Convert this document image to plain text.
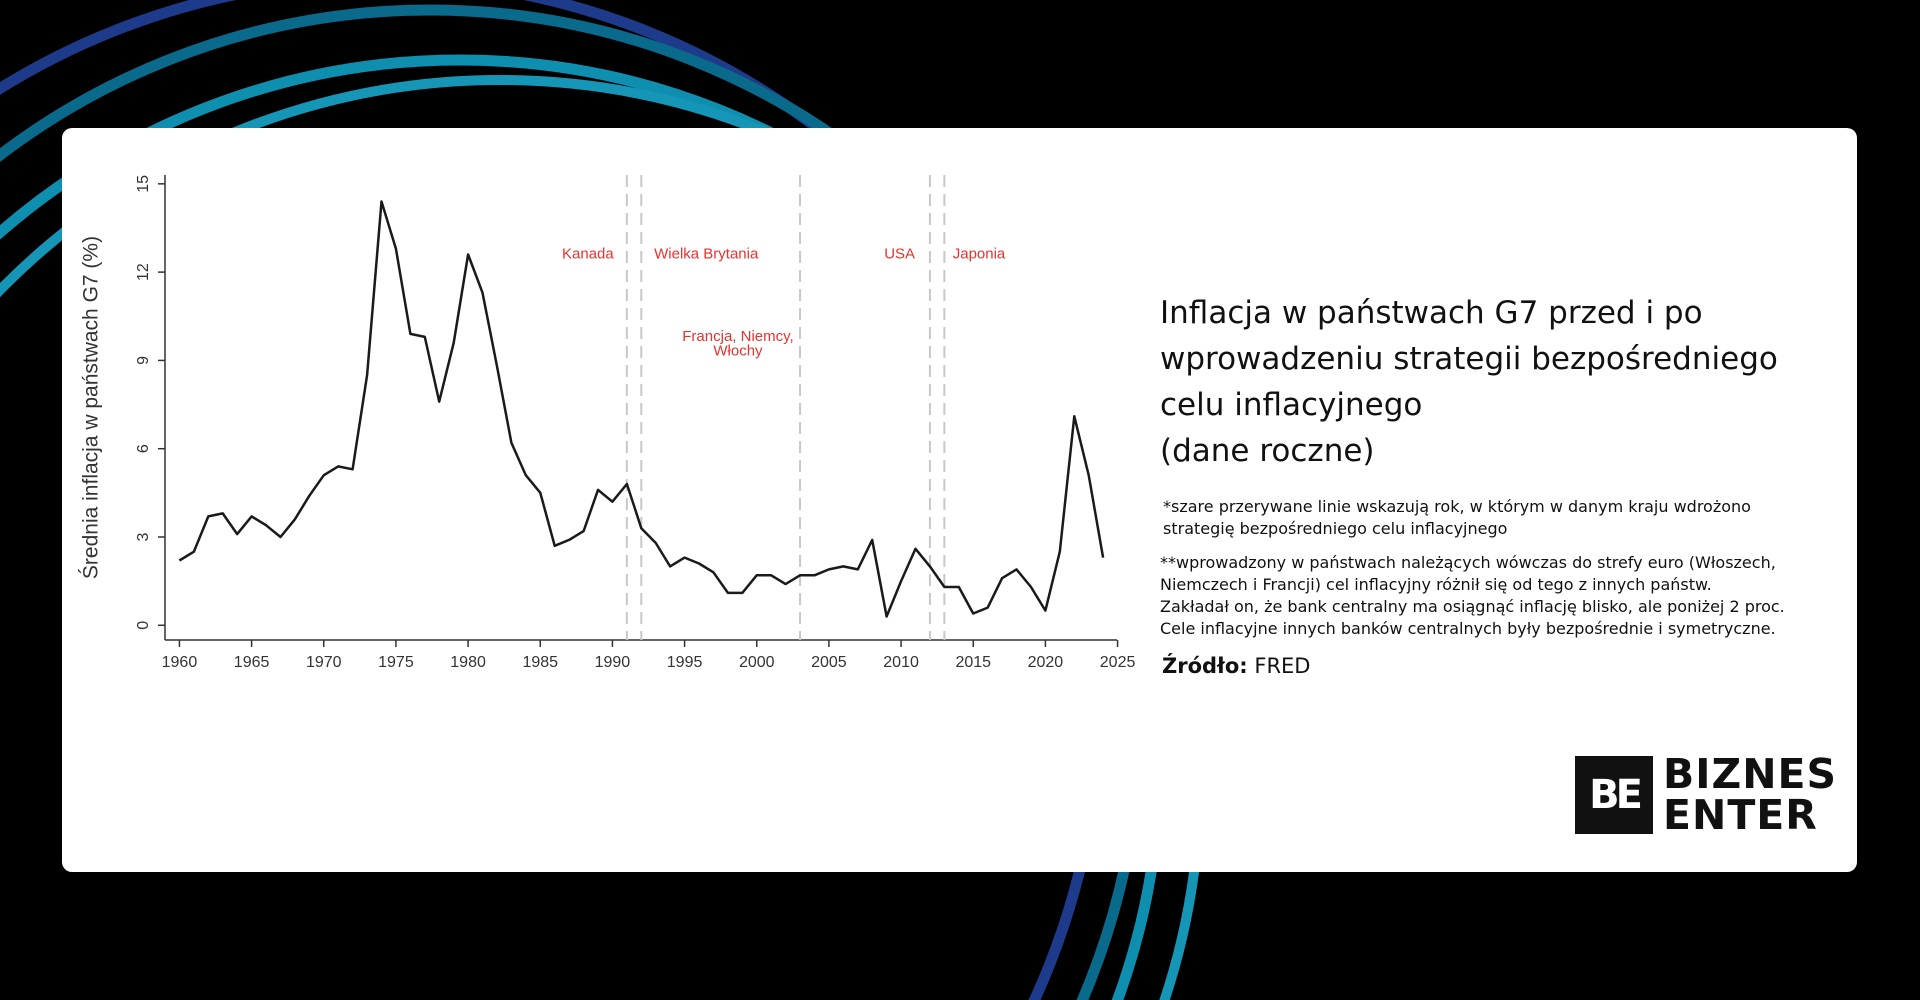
0
3
6
9
12
15
1960 1965 1970 1975 1980 1985 1990 1995 2000 2005 2010 2015 2020 2025
Średnia inflacja w państwach G7 (%)	Kanada	Wielka Brytania
Francja, Niemcy,
Włochy
USA	Japonia
Inflacja w państwach G7 przed i po
wprowadzeniu strategii bezpośredniego
celu inflacyjnego
(dane roczne)

*szare przerywane linie wskazują rok, w którym w danym kraju wdrożono
strategię bezpośredniego celu inflacyjnego

**wprowadzony w państwach należących wówczas do strefy euro (Włoszech,
Niemczech i Francji) cel inflacyjny różnił się od tego z innych państw.
Zakładał on, że bank centralny ma osiągnąć inflację blisko, ale poniżej 2 proc.
Cele inflacyjne innych banków centralnych były bezpośrednie i symetryczne.

Źródło: FRED
BE BIZNES
ENTER
